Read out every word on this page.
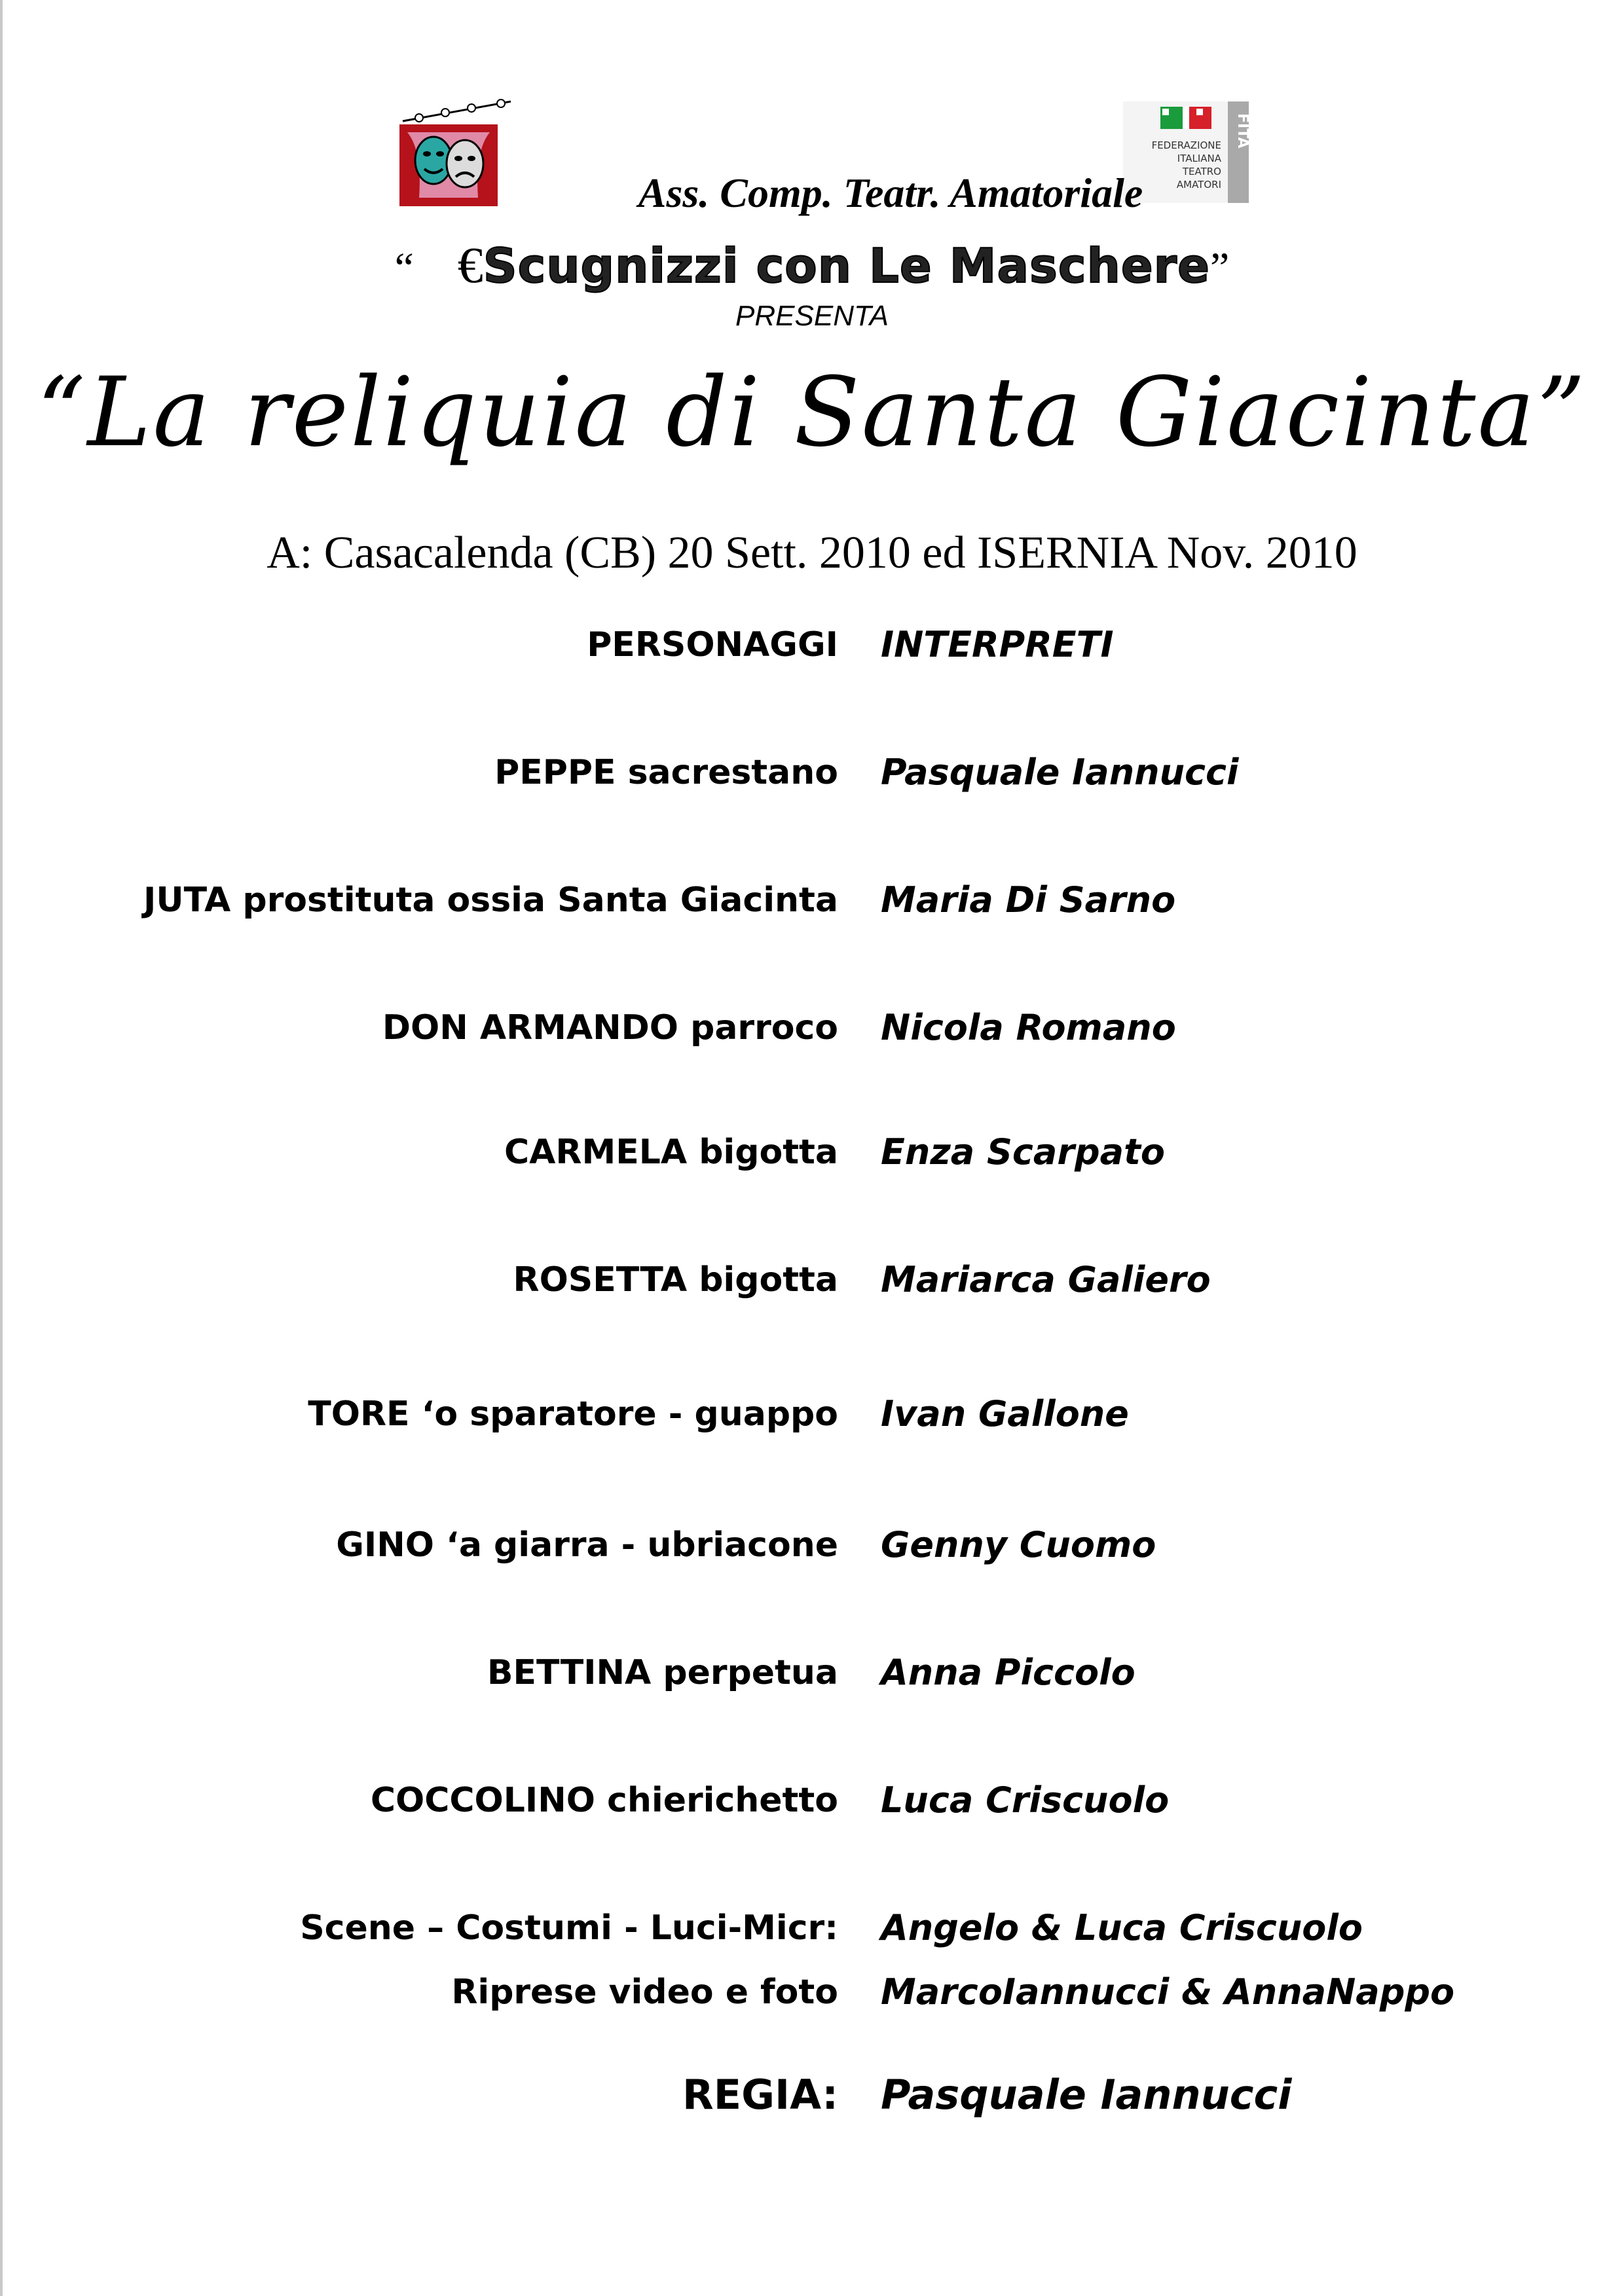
FITA
FEDERAZIONE
ITALIANA
TEATRO
AMATORI
Ass. Comp. Teatr. Amatoriale
“ €Scugnizzi con Le Maschere”
PRESENTA
“La reliquia di Santa Giacinta”
A: Casacalenda (CB) 20 Sett. 2010 ed ISERNIA Nov. 2010
PERSONAGGI INTERPRETI
PEPPE sacrestano Pasquale Iannucci
JUTA prostituta ossia Santa Giacinta Maria Di Sarno
DON ARMANDO parroco Nicola Romano
CARMELA bigotta Enza Scarpato
ROSETTA bigotta Mariarca Galiero
TORE ‘o sparatore - guappo Ivan Gallone
GINO ‘a giarra - ubriacone Genny Cuomo
BETTINA perpetua Anna Piccolo
COCCOLINO chierichetto Luca Criscuolo
Scene – Costumi - Luci-Micr: Angelo & Luca Criscuolo
Riprese video e foto MarcoIannucci & AnnaNappo
REGIA: Pasquale Iannucci
